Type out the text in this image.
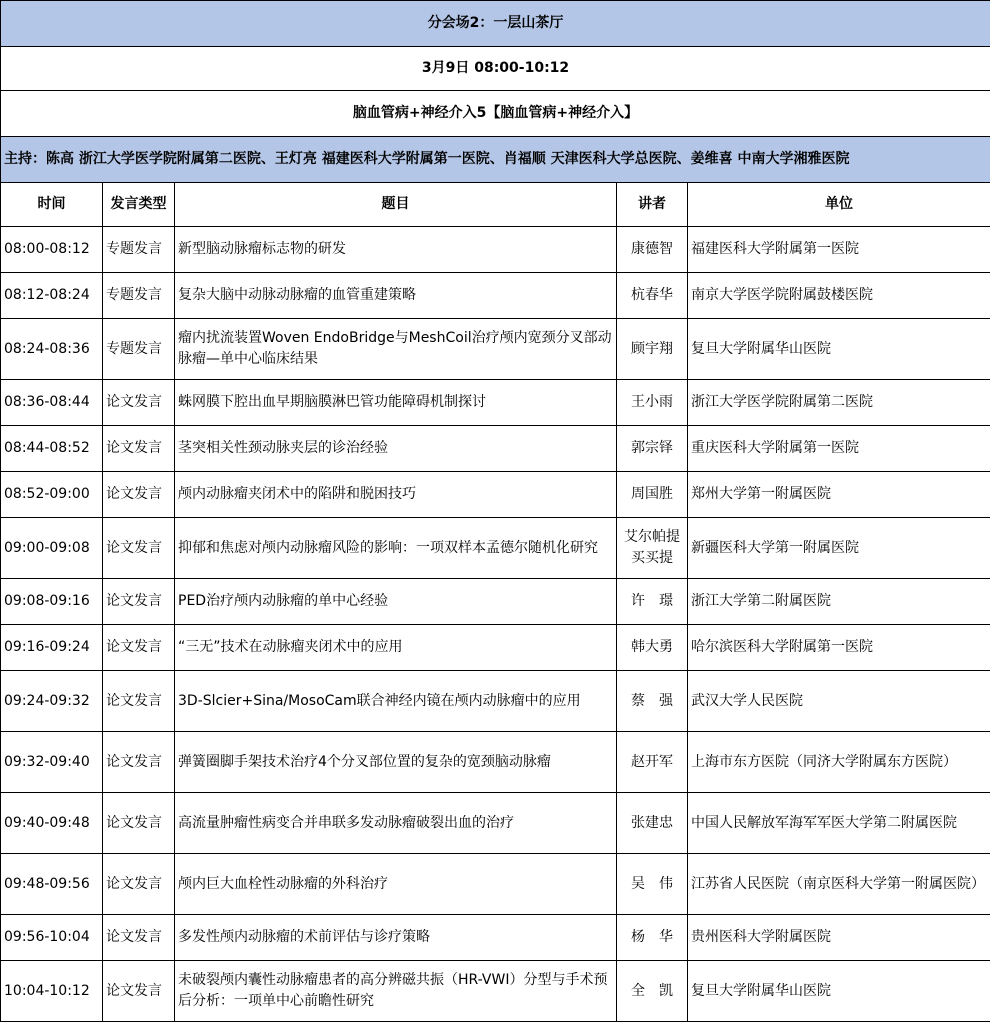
分会场2：一层山茶厅				
3月9日 08:00-10:12				
脑血管病+神经介入5【脑血管病+神经介入】				
主持：陈高 浙江大学医学院附属第二医院、王灯亮 福建医科大学附属第一医院、肖福顺 天津医科大学总医院、姜维喜 中南大学湘雅医院				
时间	发言类型	题目	讲者	单位
08:00-08:12	专题发言	新型脑动脉瘤标志物的研发	康德智	福建医科大学附属第一医院
08:12-08:24	专题发言	复杂大脑中动脉动脉瘤的血管重建策略	杭春华	南京大学医学院附属鼓楼医院
08:24-08:36	专题发言	瘤内扰流装置Woven EndoBridge与MeshCoil治疗颅内宽颈分叉部动脉瘤—单中心临床结果	顾宇翔	复旦大学附属华山医院
08:36-08:44	论文发言	蛛网膜下腔出血早期脑膜淋巴管功能障碍机制探讨	王小雨	浙江大学医学院附属第二医院
08:44-08:52	论文发言	茎突相关性颈动脉夹层的诊治经验	郭宗铎	重庆医科大学附属第一医院
08:52-09:00	论文发言	颅内动脉瘤夹闭术中的陷阱和脱困技巧	周国胜	郑州大学第一附属医院
09:00-09:08	论文发言	抑郁和焦虑对颅内动脉瘤风险的影响：一项双样本孟德尔随机化研究	艾尔帕提买买提	新疆医科大学第一附属医院
09:08-09:16	论文发言	PED治疗颅内动脉瘤的单中心经验	许　璟	浙江大学第二附属医院
09:16-09:24	论文发言	“三无”技术在动脉瘤夹闭术中的应用	韩大勇	哈尔滨医科大学附属第一医院
09:24-09:32	论文发言	3D-Slcier+Sina/MosoCam联合神经内镜在颅内动脉瘤中的应用	蔡　强	武汉大学人民医院
09:32-09:40	论文发言	弹簧圈脚手架技术治疗4个分叉部位置的复杂的宽颈脑动脉瘤	赵开军	上海市东方医院（同济大学附属东方医院）
09:40-09:48	论文发言	高流量肿瘤性病变合并串联多发动脉瘤破裂出血的治疗	张建忠	中国人民解放军海军军医大学第二附属医院
09:48-09:56	论文发言	颅内巨大血栓性动脉瘤的外科治疗	吴　伟	江苏省人民医院（南京医科大学第一附属医院）
09:56-10:04	论文发言	多发性颅内动脉瘤的术前评估与诊疗策略	杨　华	贵州医科大学附属医院
10:04-10:12	论文发言	未破裂颅内囊性动脉瘤患者的高分辨磁共振（HR-VWI）分型与手术预后分析：一项单中心前瞻性研究	全　凯	复旦大学附属华山医院
